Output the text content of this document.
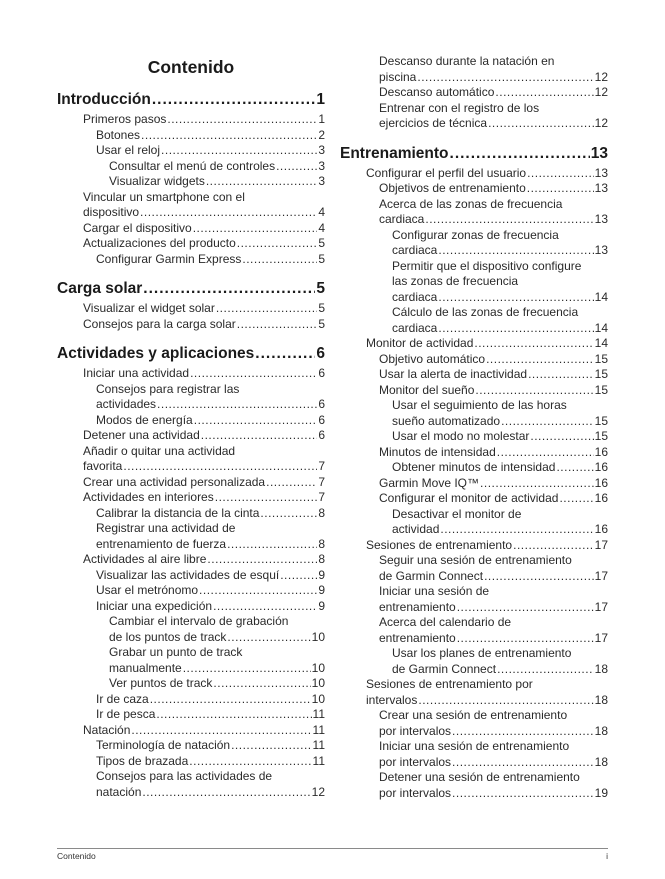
Contenido
Introducción .....	1
Primeros pasos .....	1
Botones .....	2
Usar el reloj .....	3
Consultar el menú de controles .....	3
Visualizar widgets .....	3
Vincular un smartphone con el
dispositivo .....	4
Cargar el dispositivo .....	4
Actualizaciones del producto .....	5
Configurar Garmin Express .....	5
Carga solar .....	5
Visualizar el widget solar .....	5
Consejos para la carga solar .....	5
Actividades y aplicaciones .....	6
Iniciar una actividad .....	6
Consejos para registrar las
actividades .....	6
Modos de energía .....	6
Detener una actividad .....	6
Añadir o quitar una actividad
favorita .....	7
Crear una actividad personalizada .....	7
Actividades en interiores .....	7
Calibrar la distancia de la cinta .....	8
Registrar una actividad de
entrenamiento de fuerza .....	8
Actividades al aire libre .....	8
Visualizar las actividades de esquí .....	9
Usar el metrónomo .....	9
Iniciar una expedición .....	9
Cambiar el intervalo de grabación
de los puntos de track .....	10
Grabar un punto de track
manualmente .....	10
Ver puntos de track .....	10
Ir de caza .....	10
Ir de pesca .....	11
Natación .....	11
Terminología de natación .....	11
Tipos de brazada .....	11
Consejos para las actividades de
natación .....	12
Descanso durante la natación en
piscina .....	12
Descanso automático .....	12
Entrenar con el registro de los
ejercicios de técnica .....	12
Entrenamiento .....	13
Configurar el perfil del usuario .....	13
Objetivos de entrenamiento .....	13
Acerca de las zonas de frecuencia
cardiaca .....	13
Configurar zonas de frecuencia
cardiaca .....	13
Permitir que el dispositivo configure
las zonas de frecuencia
cardiaca .....	14
Cálculo de las zonas de frecuencia
cardiaca .....	14
Monitor de actividad .....	14
Objetivo automático .....	15
Usar la alerta de inactividad .....	15
Monitor del sueño .....	15
Usar el seguimiento de las horas
sueño automatizado .....	15
Usar el modo no molestar .....	15
Minutos de intensidad .....	16
Obtener minutos de intensidad .....	16
Garmin Move IQ™ .....	16
Configurar el monitor de actividad .....	16
Desactivar el monitor de
actividad .....	16
Sesiones de entrenamiento .....	17
Seguir una sesión de entrenamiento
de Garmin Connect .....	17
Iniciar una sesión de
entrenamiento .....	17
Acerca del calendario de
entrenamiento .....	17
Usar los planes de entrenamiento
de Garmin Connect .....	18
Sesiones de entrenamiento por
intervalos .....	18
Crear una sesión de entrenamiento
por intervalos .....	18
Iniciar una sesión de entrenamiento
por intervalos .....	18
Detener una sesión de entrenamiento
por intervalos .....	19
Contenido	i
